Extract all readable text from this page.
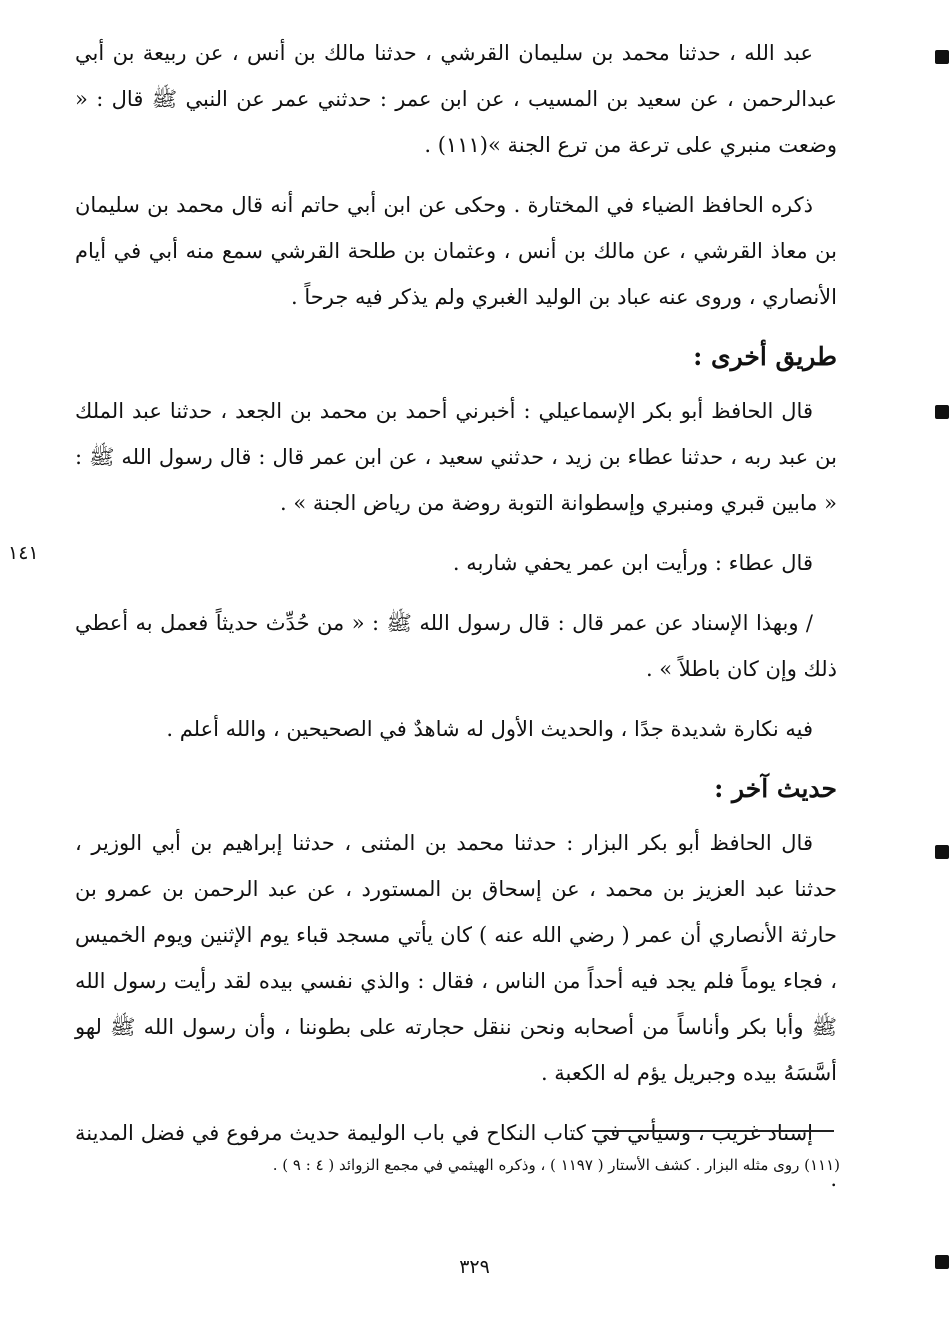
عبد الله ، حدثنا محمد بن سليمان القرشي ، حدثنا مالك بن أنس ، عن ربيعة بن أبي عبدالرحمن ، عن سعيد بن المسيب ، عن ابن عمر : حدثني عمر عن النبي ﷺ قال : « وضعت منبري على ترعة من ترع الجنة »(١١١) .

ذكره الحافظ الضياء في المختارة . وحكى عن ابن أبي حاتم أنه قال محمد بن سليمان بن معاذ القرشي ، عن مالك بن أنس ، وعثمان بن طلحة القرشي سمع منه أبي في أيام الأنصاري ، وروى عنه عباد بن الوليد الغبري ولم يذكر فيه جرحاً .

طريق أخرى :

قال الحافظ أبو بكر الإسماعيلي : أخبرني أحمد بن محمد بن الجعد ، حدثنا عبد الملك بن عبد ربه ، حدثنا عطاء بن زيد ، حدثني سعيد ، عن ابن عمر قال : قال رسول الله ﷺ : « مابين قبري ومنبري وإسطوانة التوبة روضة من رياض الجنة » .

قال عطاء : ورأيت ابن عمر يحفي شاربه .

/ وبهذا الإسناد عن عمر قال : قال رسول الله ﷺ : « من حُدِّث حديثاً فعمل به أعطي ذلك وإن كان باطلاً » .

فيه نكارة شديدة جدًا ، والحديث الأول له شاهدٌ في الصحيحين ، والله أعلم .

حديث آخر :

قال الحافظ أبو بكر البزار : حدثنا محمد بن المثنى ، حدثنا إبراهيم بن أبي الوزير ، حدثنا عبد العزيز بن محمد ، عن إسحاق بن المستورد ، عن عبد الرحمن بن عمرو بن حارثة الأنصاري أن عمر ( رضي الله عنه ) كان يأتي مسجد قباء يوم الإثنين ويوم الخميس ، فجاء يوماً فلم يجد فيه أحداً من الناس ، فقال : والذي نفسي بيده لقد رأيت رسول الله ﷺ وأبا بكر وأناساً من أصحابه ونحن ننقل حجارته على بطوننا ، وأن رسول الله ﷺ لهو أسَّسَهُ بيده وجبريل يؤم له الكعبة .

إسناد غريب ، وسيأتي في كتاب النكاح في باب الوليمة حديث مرفوع في فضل المدينة .

١٤١
(١١١) روى مثله البزار . كشف الأستار ( ١١٩٧ ) ، وذكره الهيثمي في مجمع الزوائد ( ٤ : ٩ ) .
٣٢٩
